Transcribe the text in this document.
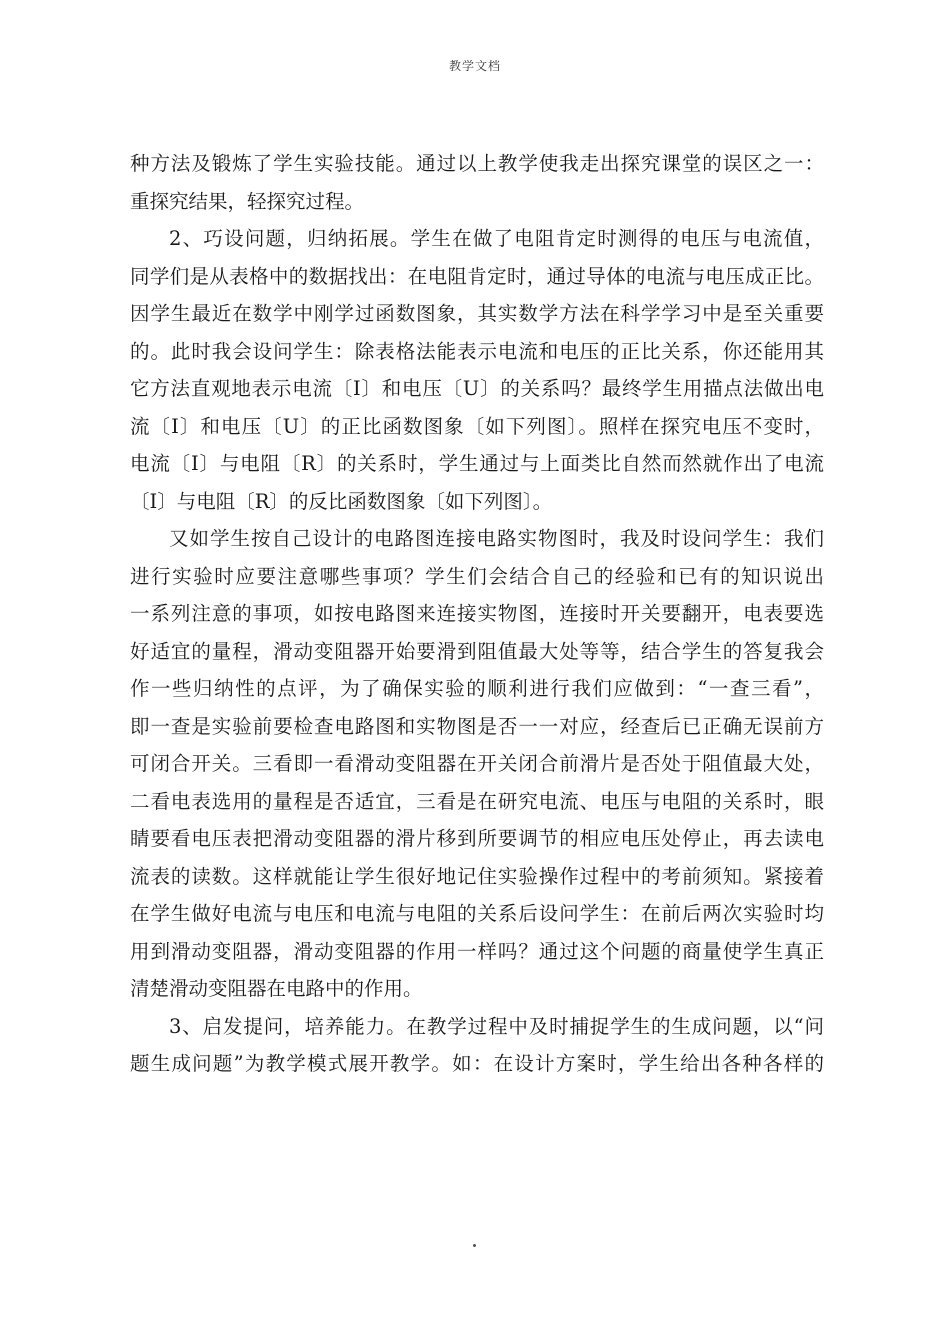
教学文档
种方法及锻炼了学生实验技能。通过以上教学使我走出探究课堂的误区之一：
重探究结果，轻探究过程。
2、巧设问题，归纳拓展。学生在做了电阻肯定时测得的电压与电流值，
同学们是从表格中的数据找出：在电阻肯定时，通过导体的电流与电压成正比。
因学生最近在数学中刚学过函数图象，其实数学方法在科学学习中是至关重要
的。此时我会设问学生：除表格法能表示电流和电压的正比关系，你还能用其
它方法直观地表示电流〔I〕和电压〔U〕的关系吗？最终学生用描点法做出电
流〔I〕和电压〔U〕的正比函数图象〔如下列图〕。照样在探究电压不变时，
电流〔I〕与电阻〔R〕的关系时，学生通过与上面类比自然而然就作出了电流
〔I〕与电阻〔R〕的反比函数图象〔如下列图〕。
又如学生按自己设计的电路图连接电路实物图时，我及时设问学生：我们
进行实验时应要注意哪些事项？学生们会结合自己的经验和已有的知识说出
一系列注意的事项，如按电路图来连接实物图，连接时开关要翻开，电表要选
好适宜的量程，滑动变阻器开始要滑到阻值最大处等等，结合学生的答复我会
作一些归纳性的点评，为了确保实验的顺利进行我们应做到：“一查三看”，
即一查是实验前要检查电路图和实物图是否一一对应，经查后已正确无误前方
可闭合开关。三看即一看滑动变阻器在开关闭合前滑片是否处于阻值最大处，
二看电表选用的量程是否适宜，三看是在研究电流、电压与电阻的关系时，眼
睛要看电压表把滑动变阻器的滑片移到所要调节的相应电压处停止，再去读电
流表的读数。这样就能让学生很好地记住实验操作过程中的考前须知。紧接着
在学生做好电流与电压和电流与电阻的关系后设问学生：在前后两次实验时均
用到滑动变阻器，滑动变阻器的作用一样吗？通过这个问题的商量使学生真正
清楚滑动变阻器在电路中的作用。
3、启发提问，培养能力。在教学过程中及时捕捉学生的生成问题，以“问
题生成问题”为教学模式展开教学。如：在设计方案时，学生给出各种各样的
